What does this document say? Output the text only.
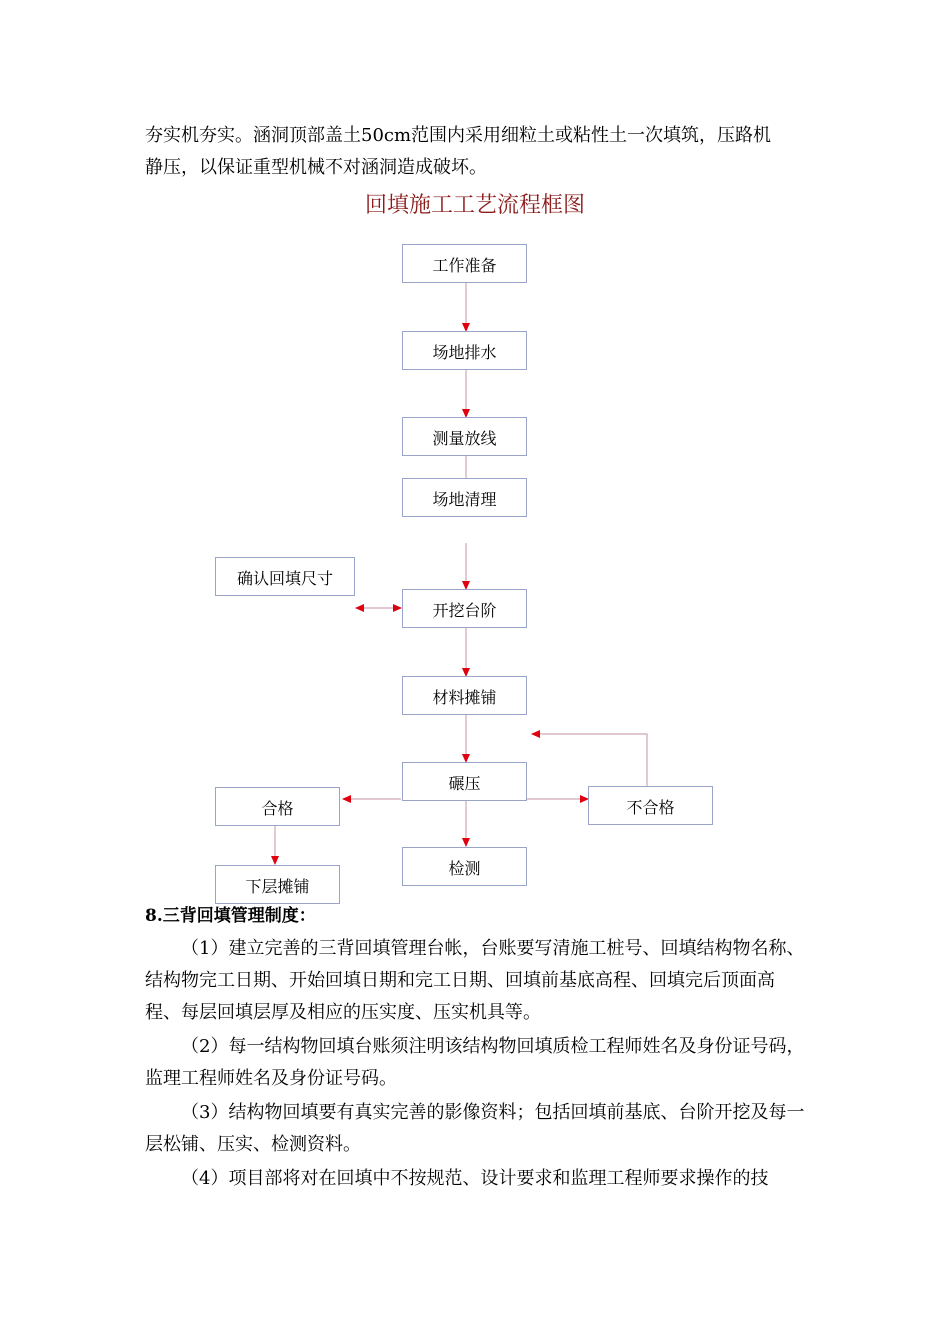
夯实机夯实。涵洞顶部盖土50cm范围内采用细粒土或粘性土一次填筑，压路机

静压，以保证重型机械不对涵洞造成破坏。

回填施工工艺流程框图
工作准备
场地排水
测量放线
场地清理
确认回填尺寸
开挖台阶
材料摊铺
碾压
合格	不合格
检测
下层摊铺
8.三背回填管理制度：

（1）建立完善的三背回填管理台帐，台账要写清施工桩号、回填结构物名称、结构物完工日期、开始回填日期和完工日期、回填前基底高程、回填完后顶面高程、每层回填层厚及相应的压实度、压实机具等。

（2）每一结构物回填台账须注明该结构物回填质检工程师姓名及身份证号码，监理工程师姓名及身份证号码。

（3）结构物回填要有真实完善的影像资料；包括回填前基底、台阶开挖及每一层松铺、压实、检测资料。

（4）项目部将对在回填中不按规范、设计要求和监理工程师要求操作的技
